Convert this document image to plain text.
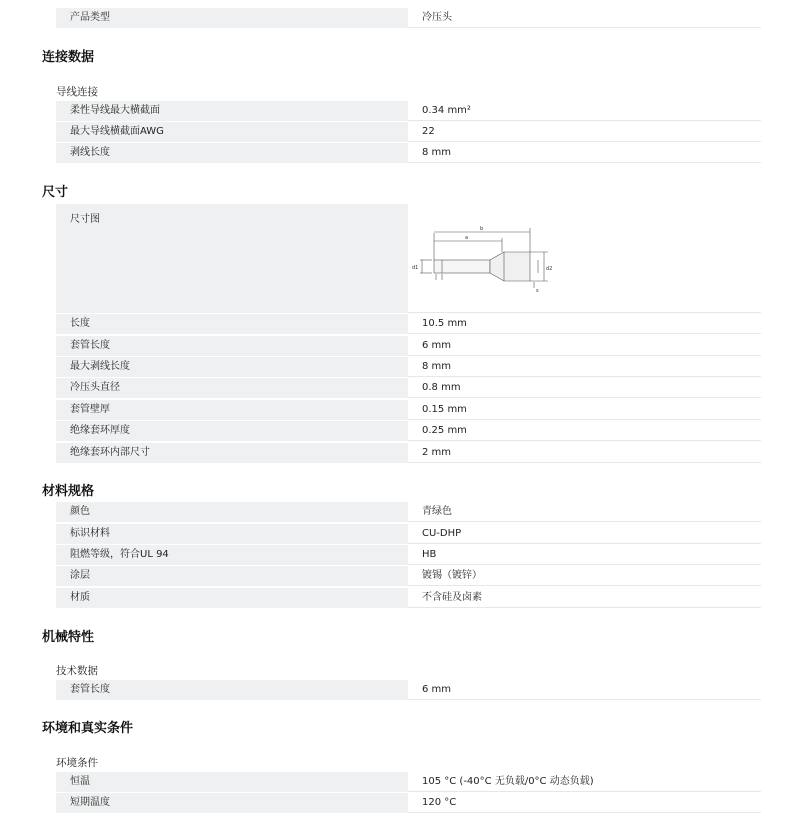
产品类型	冷压头
连接数据
导线连接
柔性导线最大横截面	0.34 mm²
最大导线横截面AWG	22
剥线长度	8 mm
尺寸
尺寸图
b
a
d1	d2
s
长度	10.5 mm
套管长度	6 mm
最大剥线长度	8 mm
冷压头直径	0.8 mm
套管壁厚	0.15 mm
绝缘套环厚度	0.25 mm
绝缘套环内部尺寸	2 mm
材料规格
颜色	青绿色
标识材料	CU-DHP
阻燃等级，符合UL 94	HB
涂层	镀锡（镀锌）
材质	不含硅及卤素
机械特性
技术数据
套管长度	6 mm
环境和真实条件
环境条件
恒温	105 °C (-40°C 无负载/0°C 动态负载)
短期温度	120 °C
